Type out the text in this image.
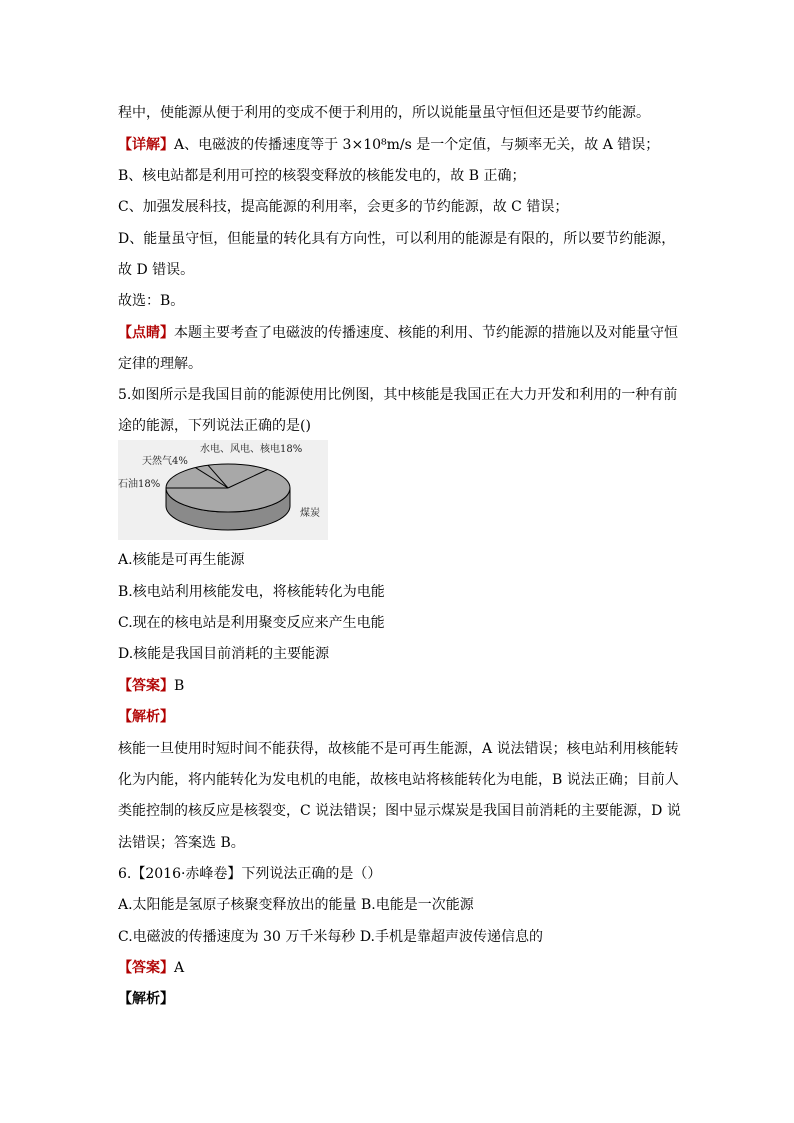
程中，使能源从便于利用的变成不便于利用的，所以说能量虽守恒但还是要节约能源。
【详解】A、电磁波的传播速度等于 3×10⁸m/s 是一个定值，与频率无关，故 A 错误；
B、核电站都是利用可控的核裂变释放的核能发电的，故 B 正确；
C、加强发展科技，提高能源的利用率，会更多的节约能源，故 C 错误；
D、能量虽守恒，但能量的转化具有方向性，可以利用的能源是有限的，所以要节约能源，
故 D 错误。
故选：B。
【点睛】本题主要考查了电磁波的传播速度、核能的利用、节约能源的措施以及对能量守恒
定律的理解。
5.如图所示是我国目前的能源使用比例图，其中核能是我国正在大力开发和利用的一种有前
途的能源，下列说法正确的是()
水电、风电、核电18%
天然气4%
石油18%
煤炭
A.核能是可再生能源
B.核电站利用核能发电，将核能转化为电能
C.现在的核电站是利用聚变反应来产生电能
D.核能是我国目前消耗的主要能源
【答案】B
【解析】
核能一旦使用时短时间不能获得，故核能不是可再生能源，A 说法错误；核电站利用核能转
化为内能，将内能转化为发电机的电能，故核电站将核能转化为电能，B 说法正确；目前人
类能控制的核反应是核裂变，C 说法错误；图中显示煤炭是我国目前消耗的主要能源，D 说
法错误；答案选 B。
6.【2016·赤峰卷】下列说法正确的是（）
A.太阳能是氢原子核聚变释放出的能量 B.电能是一次能源
C.电磁波的传播速度为 30 万千米每秒 D.手机是靠超声波传递信息的
【答案】A
【解析】
